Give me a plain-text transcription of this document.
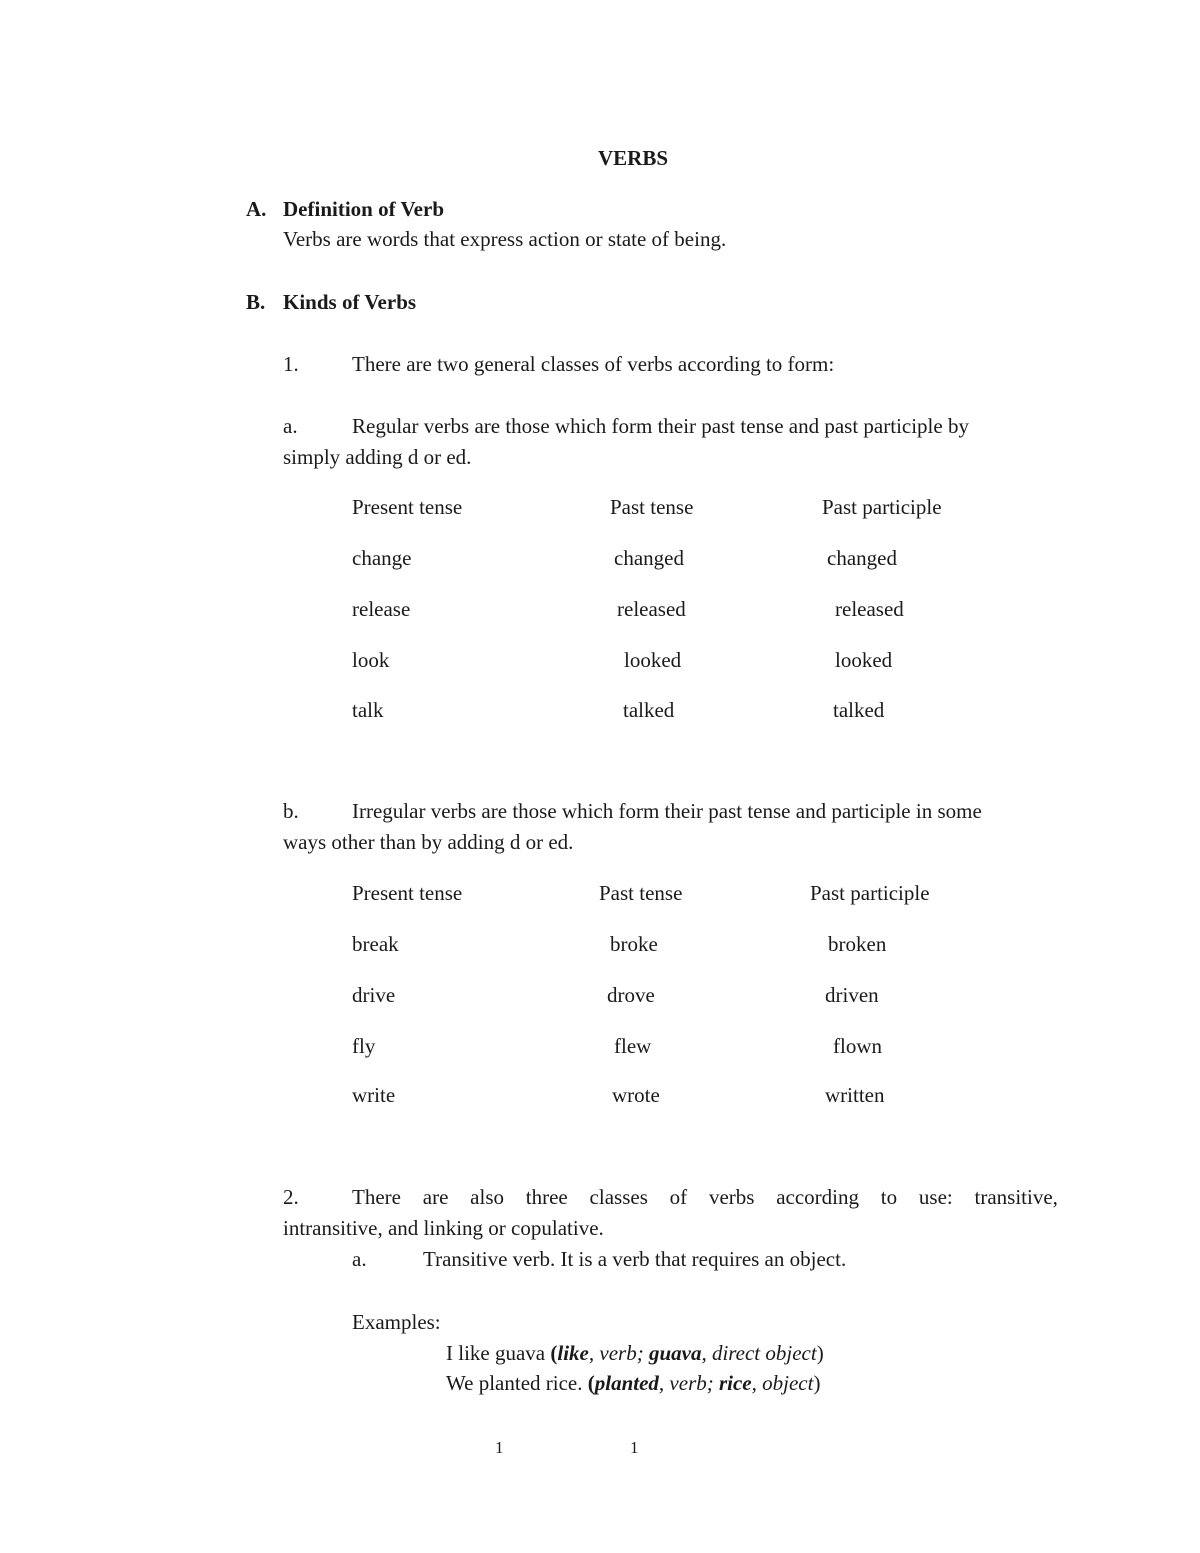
VERBS
A. Definition of Verb
Verbs are words that express action or state of being.
B. Kinds of Verbs
1.	There are two general classes of verbs according to form:
a.	Regular verbs are those which form their past tense and past participle by
simply adding d or ed.
Present tense	Past tense	Past participle
change	changed	changed
release	released	released
look	looked	looked
talk	talked	talked
b.	Irregular verbs are those which form their past tense and participle in some
ways other than by adding d or ed.
Present tense	Past tense	Past participle
break	broke	broken
drive	drove	driven
fly	flew	flown
write	wrote	written
2.	There are also three classes of verbs according to use: transitive,
intransitive, and linking or copulative.
a.	Transitive verb. It is a verb that requires an object.
Examples:
I like guava (like, verb; guava, direct object)
We planted rice. (planted, verb; rice, object)
1	1
